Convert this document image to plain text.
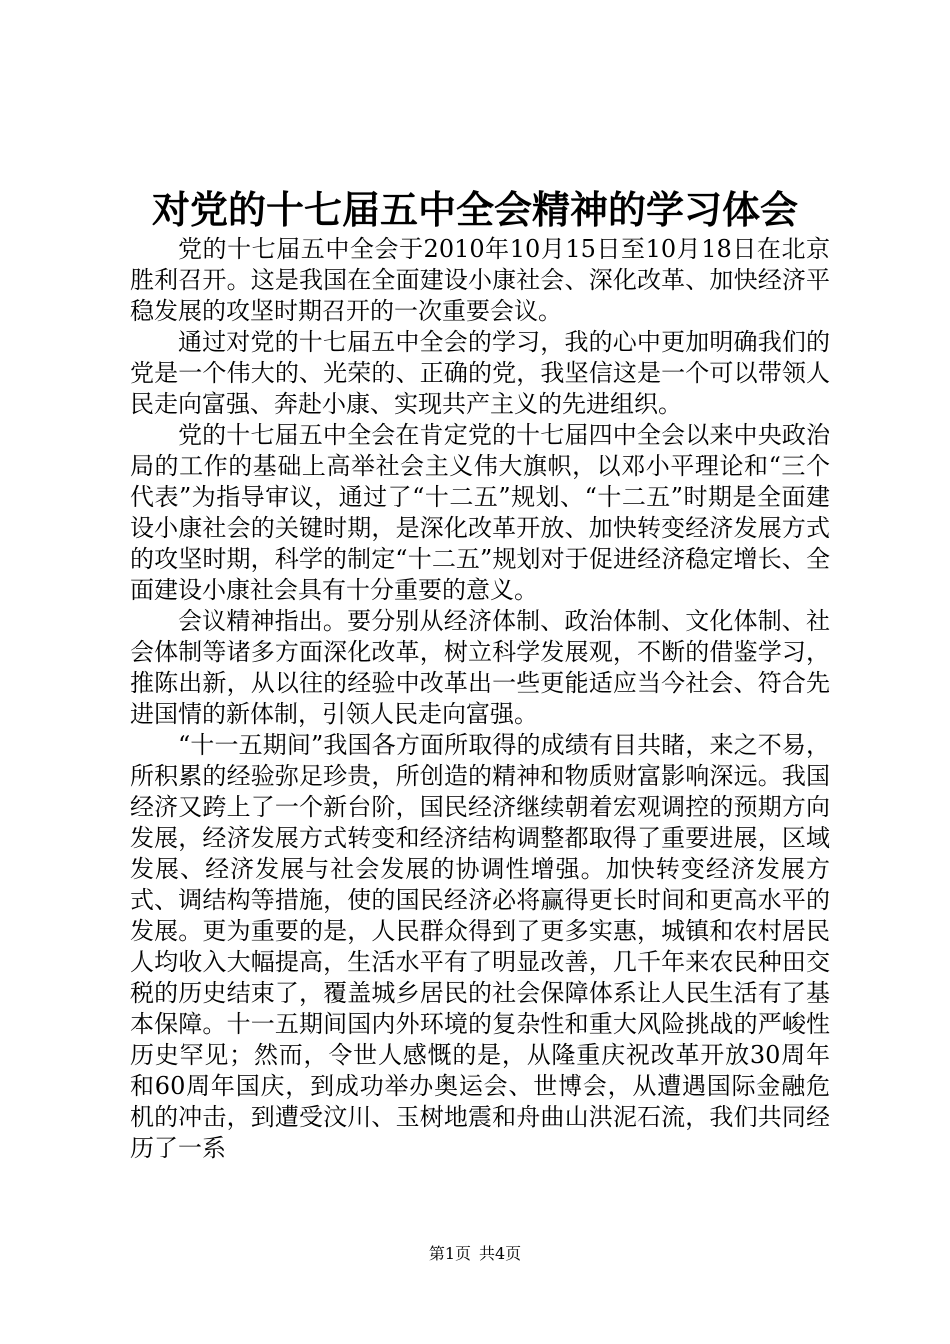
对党的十七届五中全会精神的学习体会

党的十七届五中全会于2010年10月15日至10月18日在北京胜利召开。这是我国在全面建设小康社会、深化改革、加快经济平稳发展的攻坚时期召开的一次重要会议。

通过对党的十七届五中全会的学习，我的心中更加明确我们的党是一个伟大的、光荣的、正确的党，我坚信这是一个可以带领人民走向富强、奔赴小康、实现共产主义的先进组织。

党的十七届五中全会在肯定党的十七届四中全会以来中央政治局的工作的基础上高举社会主义伟大旗帜，以邓小平理论和“三个代表”为指导审议，通过了“十二五”规划、“十二五”时期是全面建设小康社会的关键时期，是深化改革开放、加快转变经济发展方式的攻坚时期，科学的制定“十二五”规划对于促进经济稳定增长、全面建设小康社会具有十分重要的意义。

会议精神指出。要分别从经济体制、政治体制、文化体制、社会体制等诸多方面深化改革，树立科学发展观，不断的借鉴学习，推陈出新，从以往的经验中改革出一些更能适应当今社会、符合先进国情的新体制，引领人民走向富强。

“十一五期间”我国各方面所取得的成绩有目共睹，来之不易，所积累的经验弥足珍贵，所创造的精神和物质财富影响深远。我国经济又跨上了一个新台阶，国民经济继续朝着宏观调控的预期方向发展，经济发展方式转变和经济结构调整都取得了重要进展，区域发展、经济发展与社会发展的协调性增强。加快转变经济发展方式、调结构等措施，使的国民经济必将赢得更长时间和更高水平的发展。更为重要的是，人民群众得到了更多实惠，城镇和农村居民人均收入大幅提高，生活水平有了明显改善，几千年来农民种田交税的历史结束了，覆盖城乡居民的社会保障体系让人民生活有了基本保障。十一五期间国内外环境的复杂性和重大风险挑战的严峻性历史罕见；然而，令世人感慨的是，从隆重庆祝改革开放30周年和60周年国庆，到成功举办奥运会、世博会，从遭遇国际金融危机的冲击，到遭受汶川、玉树地震和舟曲山洪泥石流，我们共同经历了一系

第1页 共4页
